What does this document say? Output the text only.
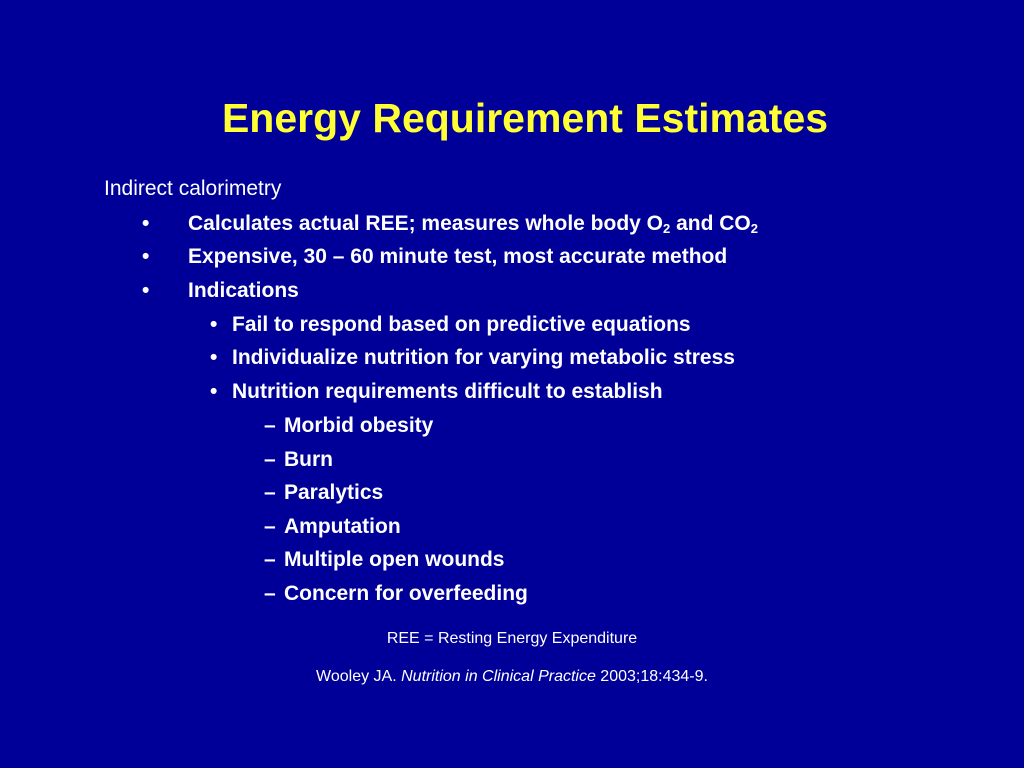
Energy Requirement Estimates
Indirect calorimetry
• Calculates actual REE; measures whole body $O_2$ and $CO_2$
• Expensive, 30 – 60 minute test, most accurate method
• Indications
• Fail to respond based on predictive equations
• Individualize nutrition for varying metabolic stress
• Nutrition requirements difficult to establish
– Morbid obesity
– Burn
– Paralytics
– Amputation
– Multiple open wounds
– Concern for overfeeding
REE = Resting Energy Expenditure
Wooley JA. Nutrition in Clinical Practice 2003;18:434-9.
